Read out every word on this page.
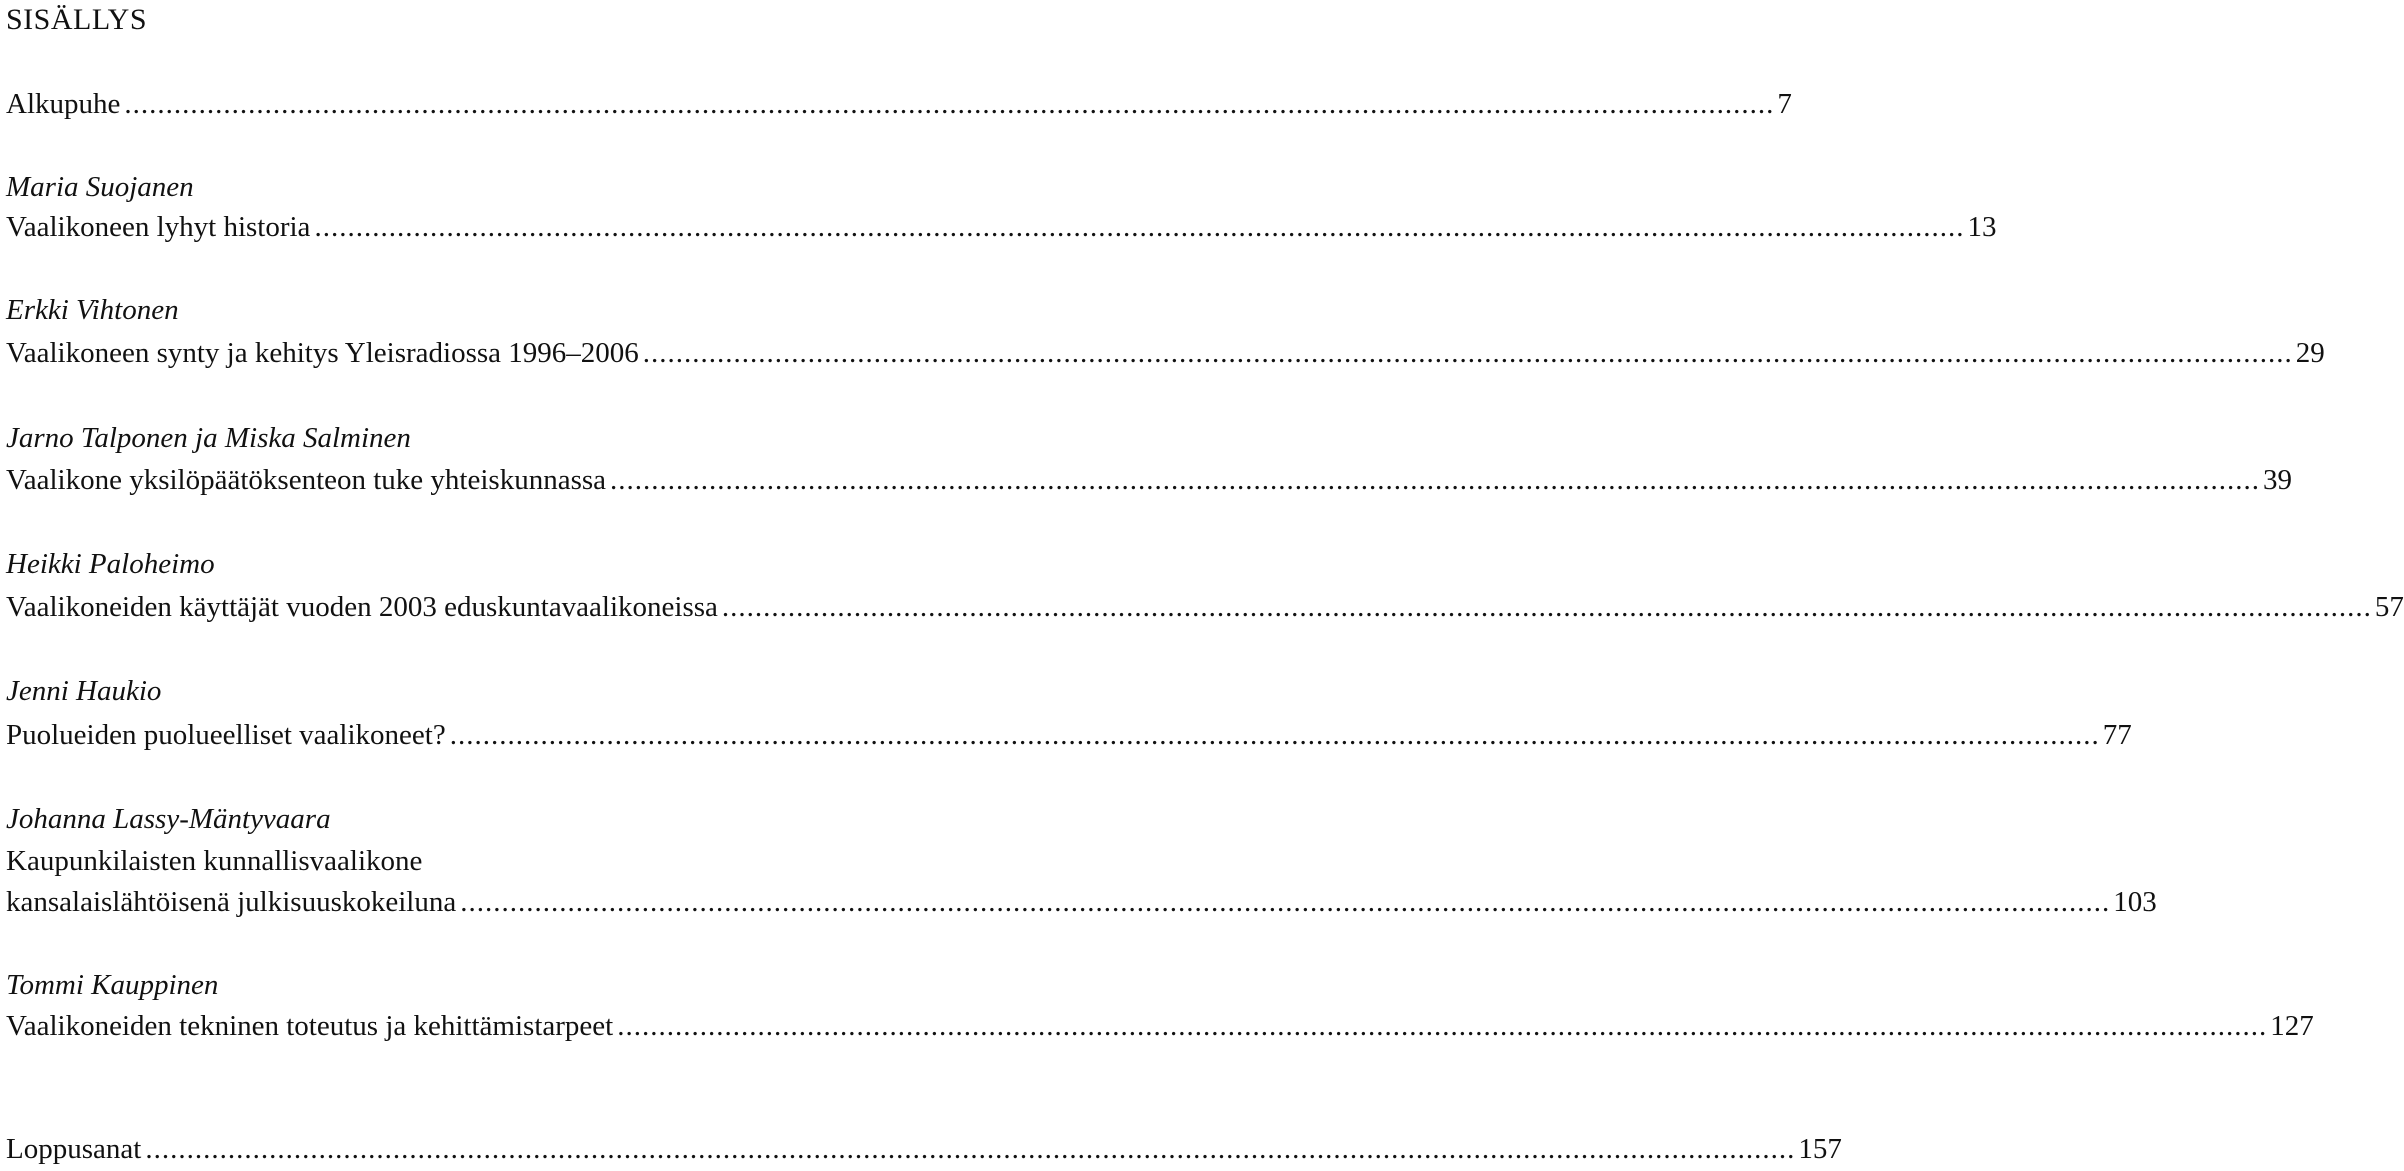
SISÄLLYS
Alkupuhe ........................................................................................................................................................................................................ 7
Maria Suojanen
Vaalikoneen lyhyt historia ........................................................................................................................................................................................................ 13
Erkki Vihtonen
Vaalikoneen synty ja kehitys Yleisradiossa 1996–2006 ........................................................................................................................................................................................................ 29
Jarno Talponen ja Miska Salminen
Vaalikone yksilöpäätöksenteon tuke yhteiskunnassa ........................................................................................................................................................................................................ 39
Heikki Paloheimo
Vaalikoneiden käyttäjät vuoden 2003 eduskuntavaalikoneissa ........................................................................................................................................................................................................ 57
Jenni Haukio
Puolueiden puolueelliset vaalikoneet? ........................................................................................................................................................................................................ 77
Johanna Lassy-Mäntyvaara
Kaupunkilaisten kunnallisvaalikone
kansalaislähtöisenä julkisuuskokeiluna ........................................................................................................................................................................................................ 103
Tommi Kauppinen
Vaalikoneiden tekninen toteutus ja kehittämistarpeet ........................................................................................................................................................................................................ 127
Loppusanat ........................................................................................................................................................................................................ 157
